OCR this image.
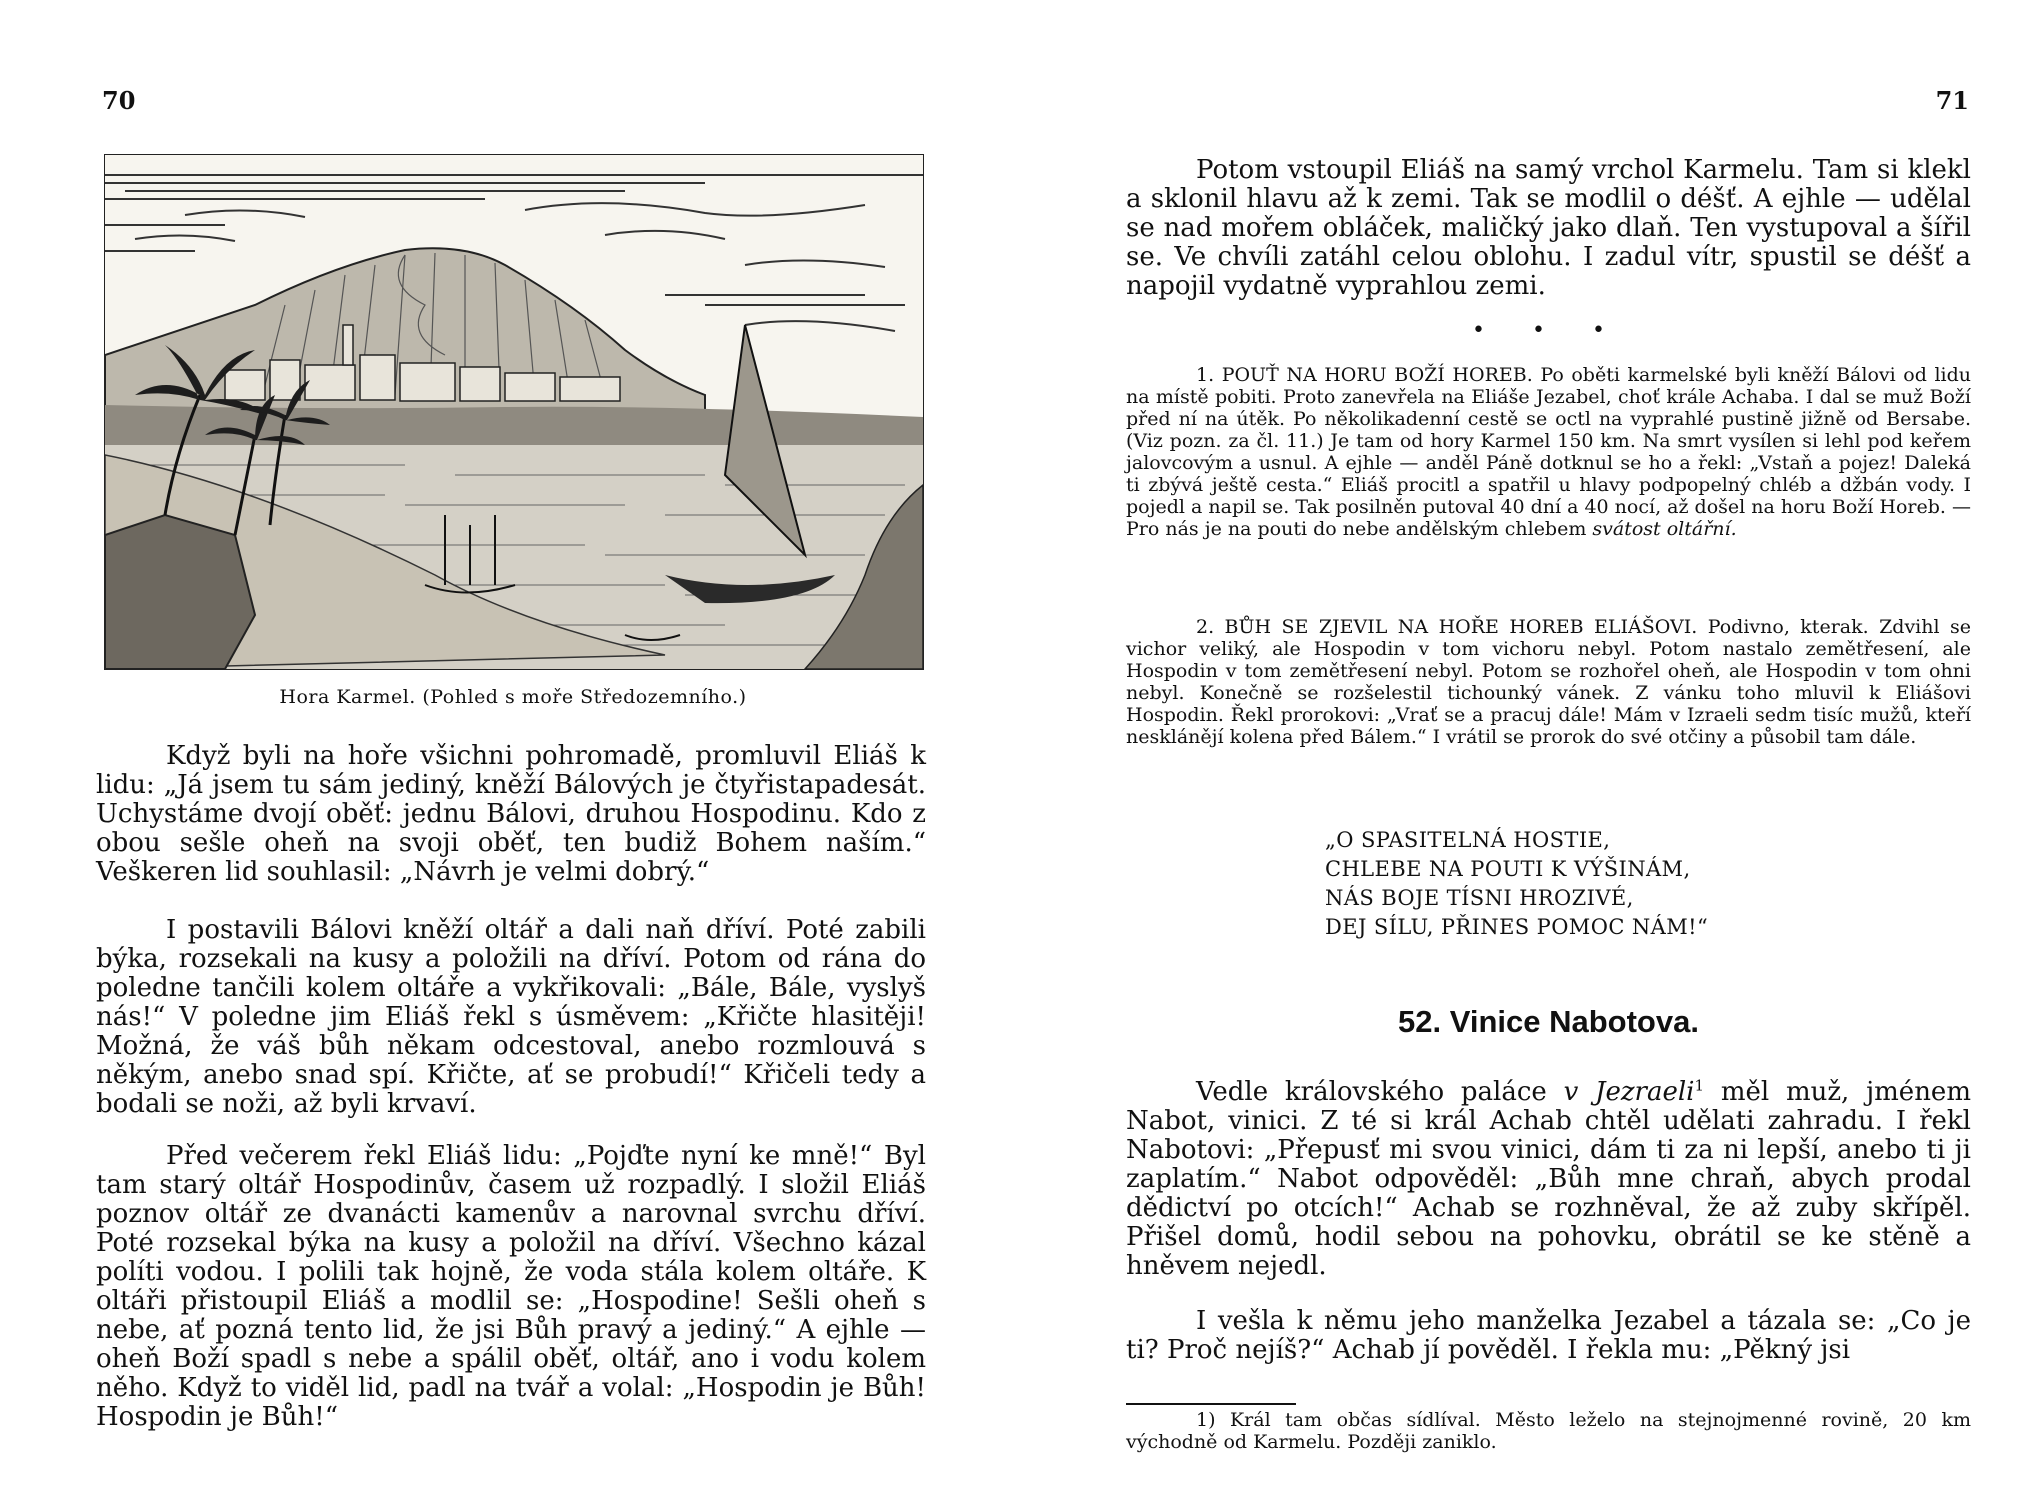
70
Hora Karmel. (Pohled s moře Středozemního.)

Když byli na hoře všichni pohromadě, promluvil Eliáš k lidu: „Já jsem tu sám jediný, kněží Bálových je čtyřistapadesát. Uchystáme dvojí oběť: jednu Bálovi, druhou Hospodinu. Kdo z obou sešle oheň na svoji oběť, ten budiž Bohem naším.“ Veškeren lid souhlasil: „Návrh je velmi dobrý.“

I postavili Bálovi kněží oltář a dali naň dříví. Poté zabili býka, rozsekali na kusy a položili na dříví. Potom od rána do poledne tančili kolem oltáře a vykřikovali: „Bále, Bále, vyslyš nás!“ V poledne jim Eliáš řekl s úsměvem: „Křičte hlasitěji! Možná, že váš bůh někam odcestoval, anebo rozmlouvá s někým, anebo snad spí. Křičte, ať se probudí!“ Křičeli tedy a bodali se noži, až byli krvaví.

Před večerem řekl Eliáš lidu: „Pojďte nyní ke mně!“ Byl tam starý oltář Hospodinův, časem už rozpadlý. I složil Eliáš poznov oltář ze dvanácti kamenův a narovnal svrchu dříví. Poté rozsekal býka na kusy a položil na dříví. Všechno kázal políti vodou. I polili tak hojně, že voda stála kolem oltáře. K oltáři přistoupil Eliáš a modlil se: „Hospodine! Sešli oheň s nebe, ať pozná tento lid, že jsi Bůh pravý a jediný.“ A ejhle — oheň Boží spadl s nebe a spálil oběť, oltář, ano i vodu kolem něho. Když to viděl lid, padl na tvář a volal: „Hospodin je Bůh! Hospodin je Bůh!“

71

Potom vstoupil Eliáš na samý vrchol Karmelu. Tam si klekl a sklonil hlavu až k zemi. Tak se modlil o déšť. A ejhle — udělal se nad mořem obláček, maličký jako dlaň. Ten vystupoval a šířil se. Ve chvíli zatáhl celou oblohu. I zadul vítr, spustil se déšť a napojil vydatně vyprahlou zemi.

• • •

1. POUŤ NA HORU BOŽÍ HOREB. Po oběti karmelské byli kněží Bálovi od lidu na místě pobiti. Proto zanevřela na Eliáše Jezabel, choť krále Achaba. I dal se muž Boží před ní na útěk. Po několikadenní cestě se octl na vyprahlé pustině jižně od Bersabe. (Viz pozn. za čl. 11.) Je tam od hory Karmel 150 km. Na smrt vysílen si lehl pod keřem jalovcovým a usnul. A ejhle — anděl Páně dotknul se ho a řekl: „Vstaň a pojez! Daleká ti zbývá ještě cesta.“ Eliáš procitl a spatřil u hlavy podpopelný chléb a džbán vody. I pojedl a napil se. Tak posilněn putoval 40 dní a 40 nocí, až došel na horu Boží Horeb. — Pro nás je na pouti do nebe andělským chlebem svátost oltářní.

2. BŮH SE ZJEVIL NA HOŘE HOREB ELIÁŠOVI. Podivno, kterak. Zdvihl se vichor veliký, ale Hospodin v tom vichoru nebyl. Potom nastalo zemětřesení, ale Hospodin v tom zemětřesení nebyl. Potom se rozhořel oheň, ale Hospodin v tom ohni nebyl. Konečně se rozšelestil tichounký vánek. Z vánku toho mluvil k Eliášovi Hospodin. Řekl prorokovi: „Vrať se a pracuj dále! Mám v Izraeli sedm tisíc mužů, kteří nesklánějí kolena před Bálem.“ I vrátil se prorok do své otčiny a působil tam dále.

„O SPASITELNÁ HOSTIE,
CHLEBE NA POUTI K VÝŠINÁM,
NÁS BOJE TÍSNI HROZIVÉ,
DEJ SÍLU, PŘINES POMOC NÁM!“
52. Vinice Nabotova.

Vedle královského paláce v Jezraeli$^1$ měl muž, jménem Nabot, vinici. Z té si král Achab chtěl udělati zahradu. I řekl Nabotovi: „Přepusť mi svou vinici, dám ti za ni lepší, anebo ti ji zaplatím.“ Nabot odpověděl: „Bůh mne chraň, abych prodal dědictví po otcích!“ Achab se rozhněval, že až zuby skřípěl. Přišel domů, hodil sebou na pohovku, obrátil se ke stěně a hněvem nejedl.

I vešla k němu jeho manželka Jezabel a tázala se: „Co je ti? Proč nejíš?“ Achab jí pověděl. I řekla mu: „Pěkný jsi

1) Král tam občas sídlíval. Město leželo na stejnojmenné rovině, 20 km východně od Karmelu. Později zaniklo.
